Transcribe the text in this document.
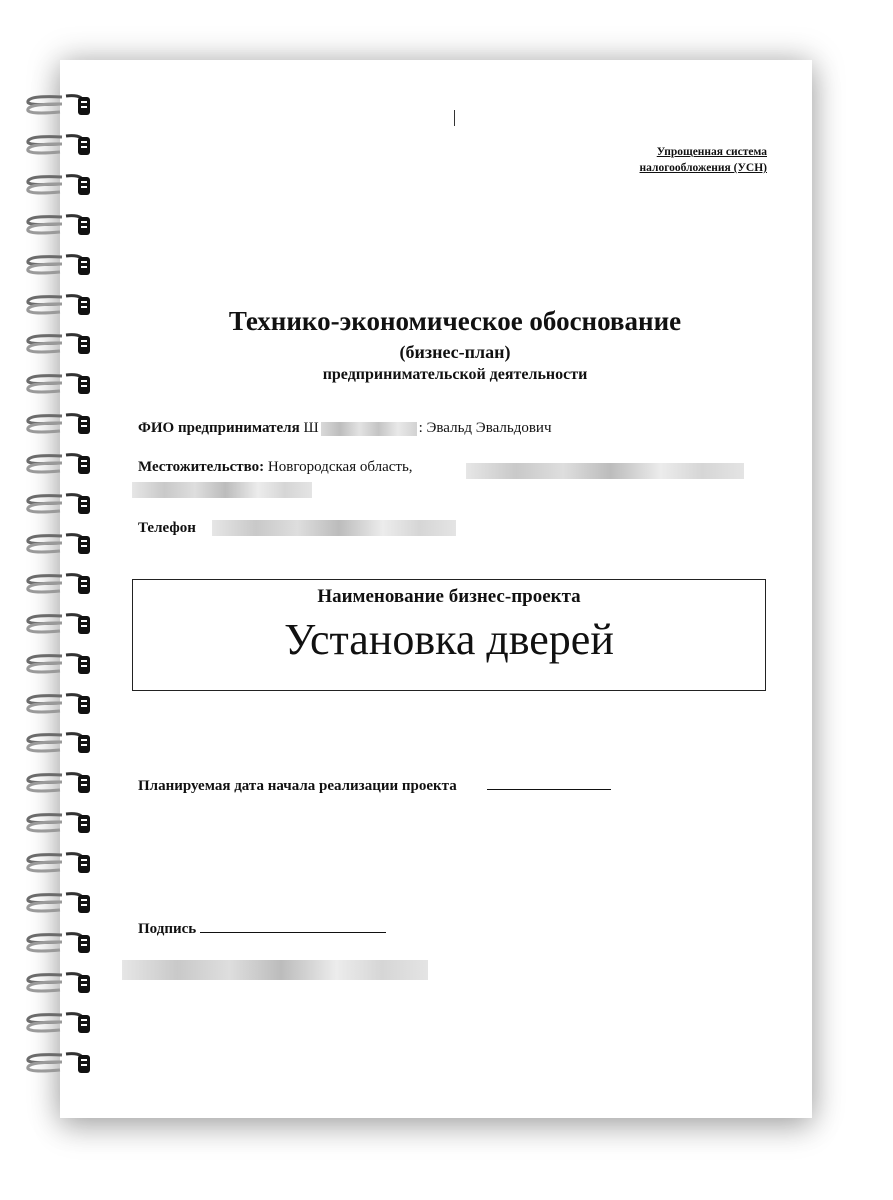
Упрощенная система
налогообложения (УСН)
Технико-экономическое обоснование
(бизнес-план)
предпринимательской деятельности
ФИО предпринимателя Ш	: Эвальд Эвальдович
Местожительство: Новгородская область,
Телефон
Наименование бизнес-проекта
Установка дверей
Планируемая дата начала реализации проекта
Подпись
